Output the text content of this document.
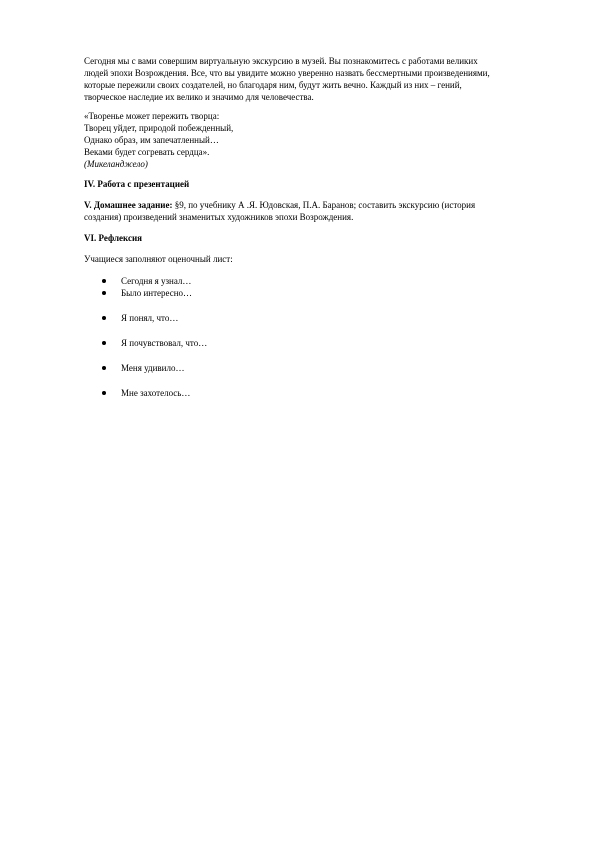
Сегодня мы с вами совершим виртуальную экскурсию в музей. Вы познакомитесь с работами великих
людей эпохи Возрождения. Все, что вы увидите можно уверенно назвать бессмертными произведениями,
которые пережили своих создателей, но благодаря ним, будут жить вечно. Каждый из них – гений,
творческое наследие их велико и значимо для человечества.

«Творенье может пережить творца:
Творец уйдет, природой побежденный,
Однако образ, им запечатленный…
Веками будет согревать сердца».
(Микеланджело)
IV. Работа с презентацией
V. Домашнее задание: §9, по учебнику А .Я. Юдовская, П.А. Баранов; составить экскурсию (история
создания) произведений знаменитых художников эпохи Возрождения.
VI. Рефлексия
Учащиеся заполняют оценочный лист:
Сегодня я узнал…
Было интересно…
Я понял, что…
Я почувствовал, что…
Меня удивило…
Мне захотелось…
